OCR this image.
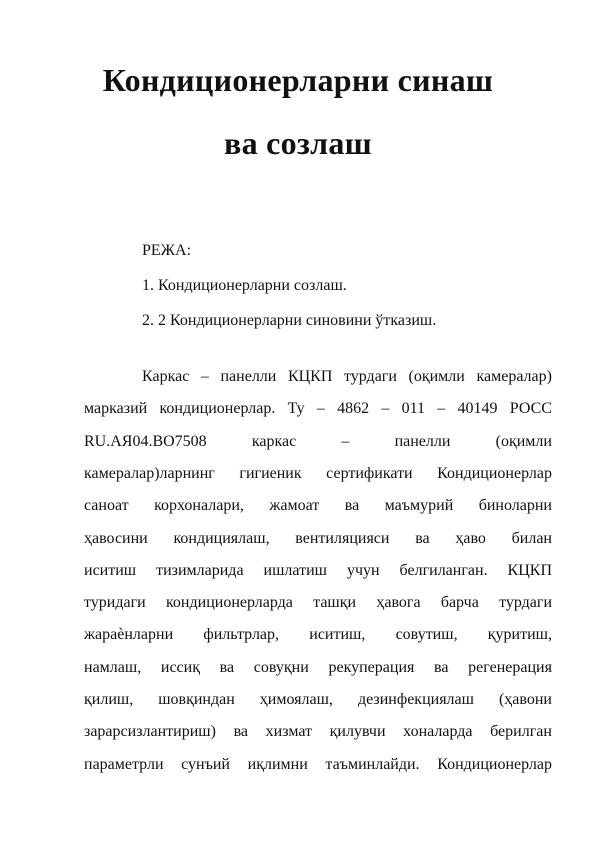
Кондиционерларни синаш
ва созлаш
РЕЖА:
1. Кондиционерларни созлаш.
2. 2 Кондиционерларни синовини ўтказиш.
Каркас – панелли КЦКП турдаги (оқимли камералар)
марказий кондиционерлар. Ту – 4862 – 011 – 40149 РОСС
RU.АЯ04.ВО7508	каркас	–	панелли	(оқимли
камералар)ларнинг гигиеник сертификати Кондиционерлар
саноат корхоналари, жамоат ва маъмурий биноларни
ҳавосини кондициялаш, вентиляцияси ва ҳаво билан
иситиш тизимларида ишлатиш учун белгиланган. КЦКП
туридаги кондиционерларда ташқи ҳавога барча турдаги
жараѐнларни фильтрлар, иситиш, совутиш, қуритиш,
намлаш, иссиқ ва совуқни рекуперация ва регенерация
қилиш, шовқиндан ҳимоялаш, дезинфекциялаш (ҳавони
зарарсизлантириш) ва хизмат қилувчи хоналарда берилган
параметрли сунъий иқлимни таъминлайди. Кондиционерлар
